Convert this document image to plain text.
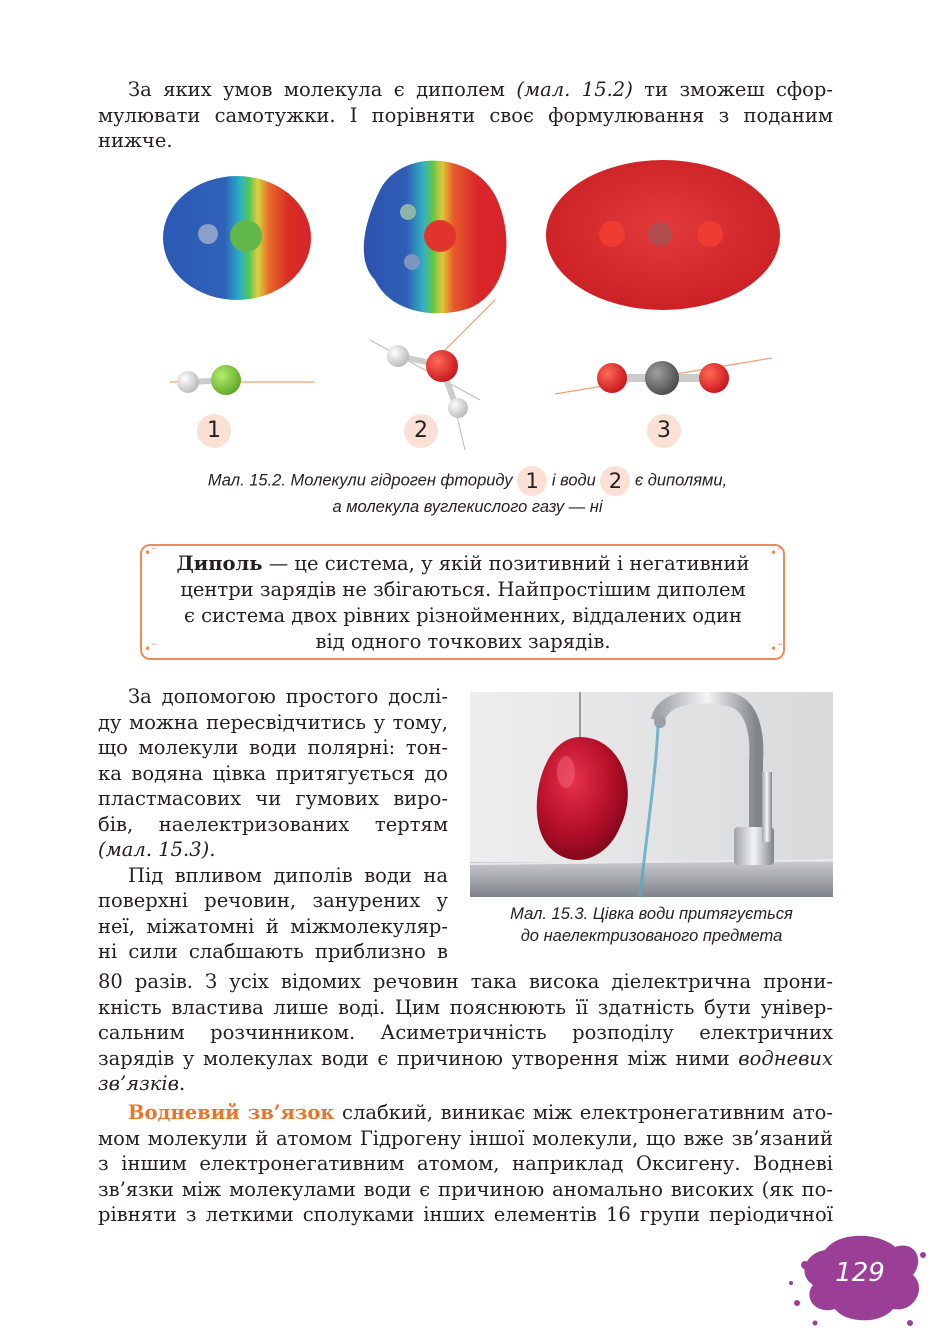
За яких умов молекула є диполем (мал. 15.2) ти зможеш сфор-
мулювати самотужки. І порівняти своє формулювання з поданим
нижче.
1	2	3
Мал. 15.2. Молекули гідроген фториду 1 і води 2 є диполями,
а молекула вуглекислого газу — ні
•¨	•¨
•¨	•¨
Диполь — це система, у якій позитивний і негативний
центри зарядів не збігаються. Найпростішим диполем
є система двох рівних різнойменних, віддалених один
від одного точкових зарядів.
За допомогою простого дослі-
ду можна пересвідчитись у тому,
що молекули води полярні: тон-
ка водяна цівка притягується до
пластмасових чи гумових виро-
бів, наелектризованих тертям
(мал. 15.3).
Під впливом диполів води на
поверхні речовин, занурених у
неї, міжатомні й міжмолекуляр-
ні сили слабшають приблизно в
Мал. 15.3. Цівка води притягується
до наелектризованого предмета
80 разів. З усіх відомих речовин така висока діелектрична прони-
кність властива лише воді. Цим пояснюють її здатність бути універ-
сальним розчинником. Асиметричність розподілу електричних
зарядів у молекулах води є причиною утворення між ними водневих
зв’язків.
Водневий зв’язок слабкий, виникає між електронегативним ато-
мом молекули й атомом Гідрогену іншої молекули, що вже зв’язаний
з іншим електронегативним атомом, наприклад Оксигену. Водневі
зв’язки між молекулами води є причиною аномально високих (як по-
рівняти з леткими сполуками інших елементів 16 групи періодичної
129
